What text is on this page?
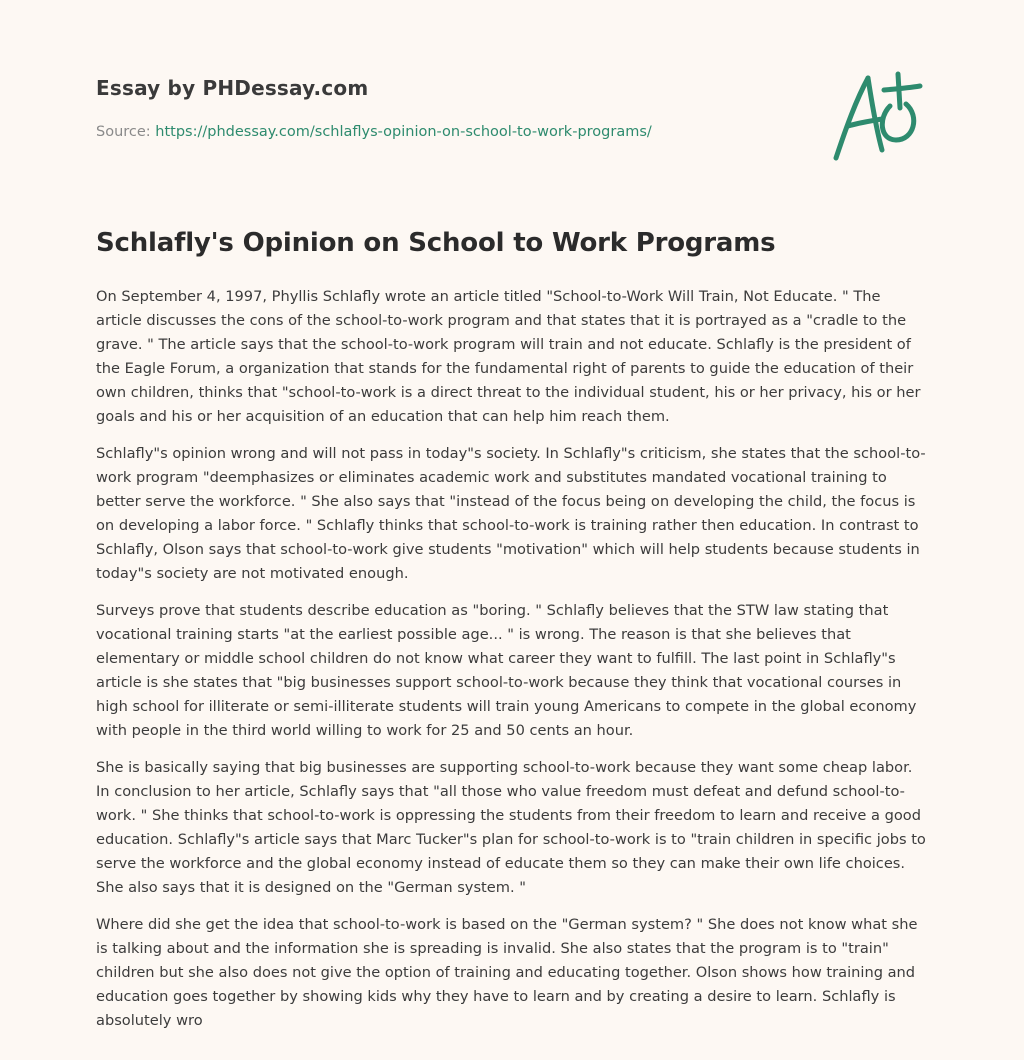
Essay by PHDessay.com
Source: https://phdessay.com/schlaflys-opinion-on-school-to-work-programs/
Schlafly's Opinion on School to Work Programs

On September 4, 1997, Phyllis Schlafly wrote an article titled "School-to-Work Will Train, Not Educate. " The article discusses the cons of the school-to-work program and that states that it is portrayed as a "cradle to the grave. " The article says that the school-to-work program will train and not educate. Schlafly is the president of the Eagle Forum, a organization that stands for the fundamental right of parents to guide the education of their own children, thinks that "school-to-work is a direct threat to the individual student, his or her privacy, his or her goals and his or her acquisition of an education that can help him reach them.

Schlafly"s opinion wrong and will not pass in today"s society. In Schlafly"s criticism, she states that the school-to-work program "deemphasizes or eliminates academic work and substitutes mandated vocational training to better serve the workforce. " She also says that "instead of the focus being on developing the child, the focus is on developing a labor force. " Schlafly thinks that school-to-work is training rather then education. In contrast to Schlafly, Olson says that school-to-work give students "motivation" which will help students because students in today"s society are not motivated enough.

Surveys prove that students describe education as "boring. " Schlafly believes that the STW law stating that vocational training starts "at the earliest possible age... " is wrong. The reason is that she believes that elementary or middle school children do not know what career they want to fulfill. The last point in Schlafly"s article is she states that "big businesses support school-to-work because they think that vocational courses in high school for illiterate or semi-illiterate students will train young Americans to compete in the global economy with people in the third world willing to work for 25 and 50 cents an hour.

She is basically saying that big businesses are supporting school-to-work because they want some cheap labor. In conclusion to her article, Schlafly says that "all those who value freedom must defeat and defund school-to-work. " She thinks that school-to-work is oppressing the students from their freedom to learn and receive a good education. Schlafly"s article says that Marc Tucker"s plan for school-to-work is to "train children in specific jobs to serve the workforce and the global economy instead of educate them so they can make their own life choices. She also says that it is designed on the "German system. "

Where did she get the idea that school-to-work is based on the "German system? " She does not know what she is talking about and the information she is spreading is invalid. She also states that the program is to "train" children but she also does not give the option of training and educating together. Olson shows how training and education goes together by showing kids why they have to learn and by creating a desire to learn. Schlafly is absolutely wro
